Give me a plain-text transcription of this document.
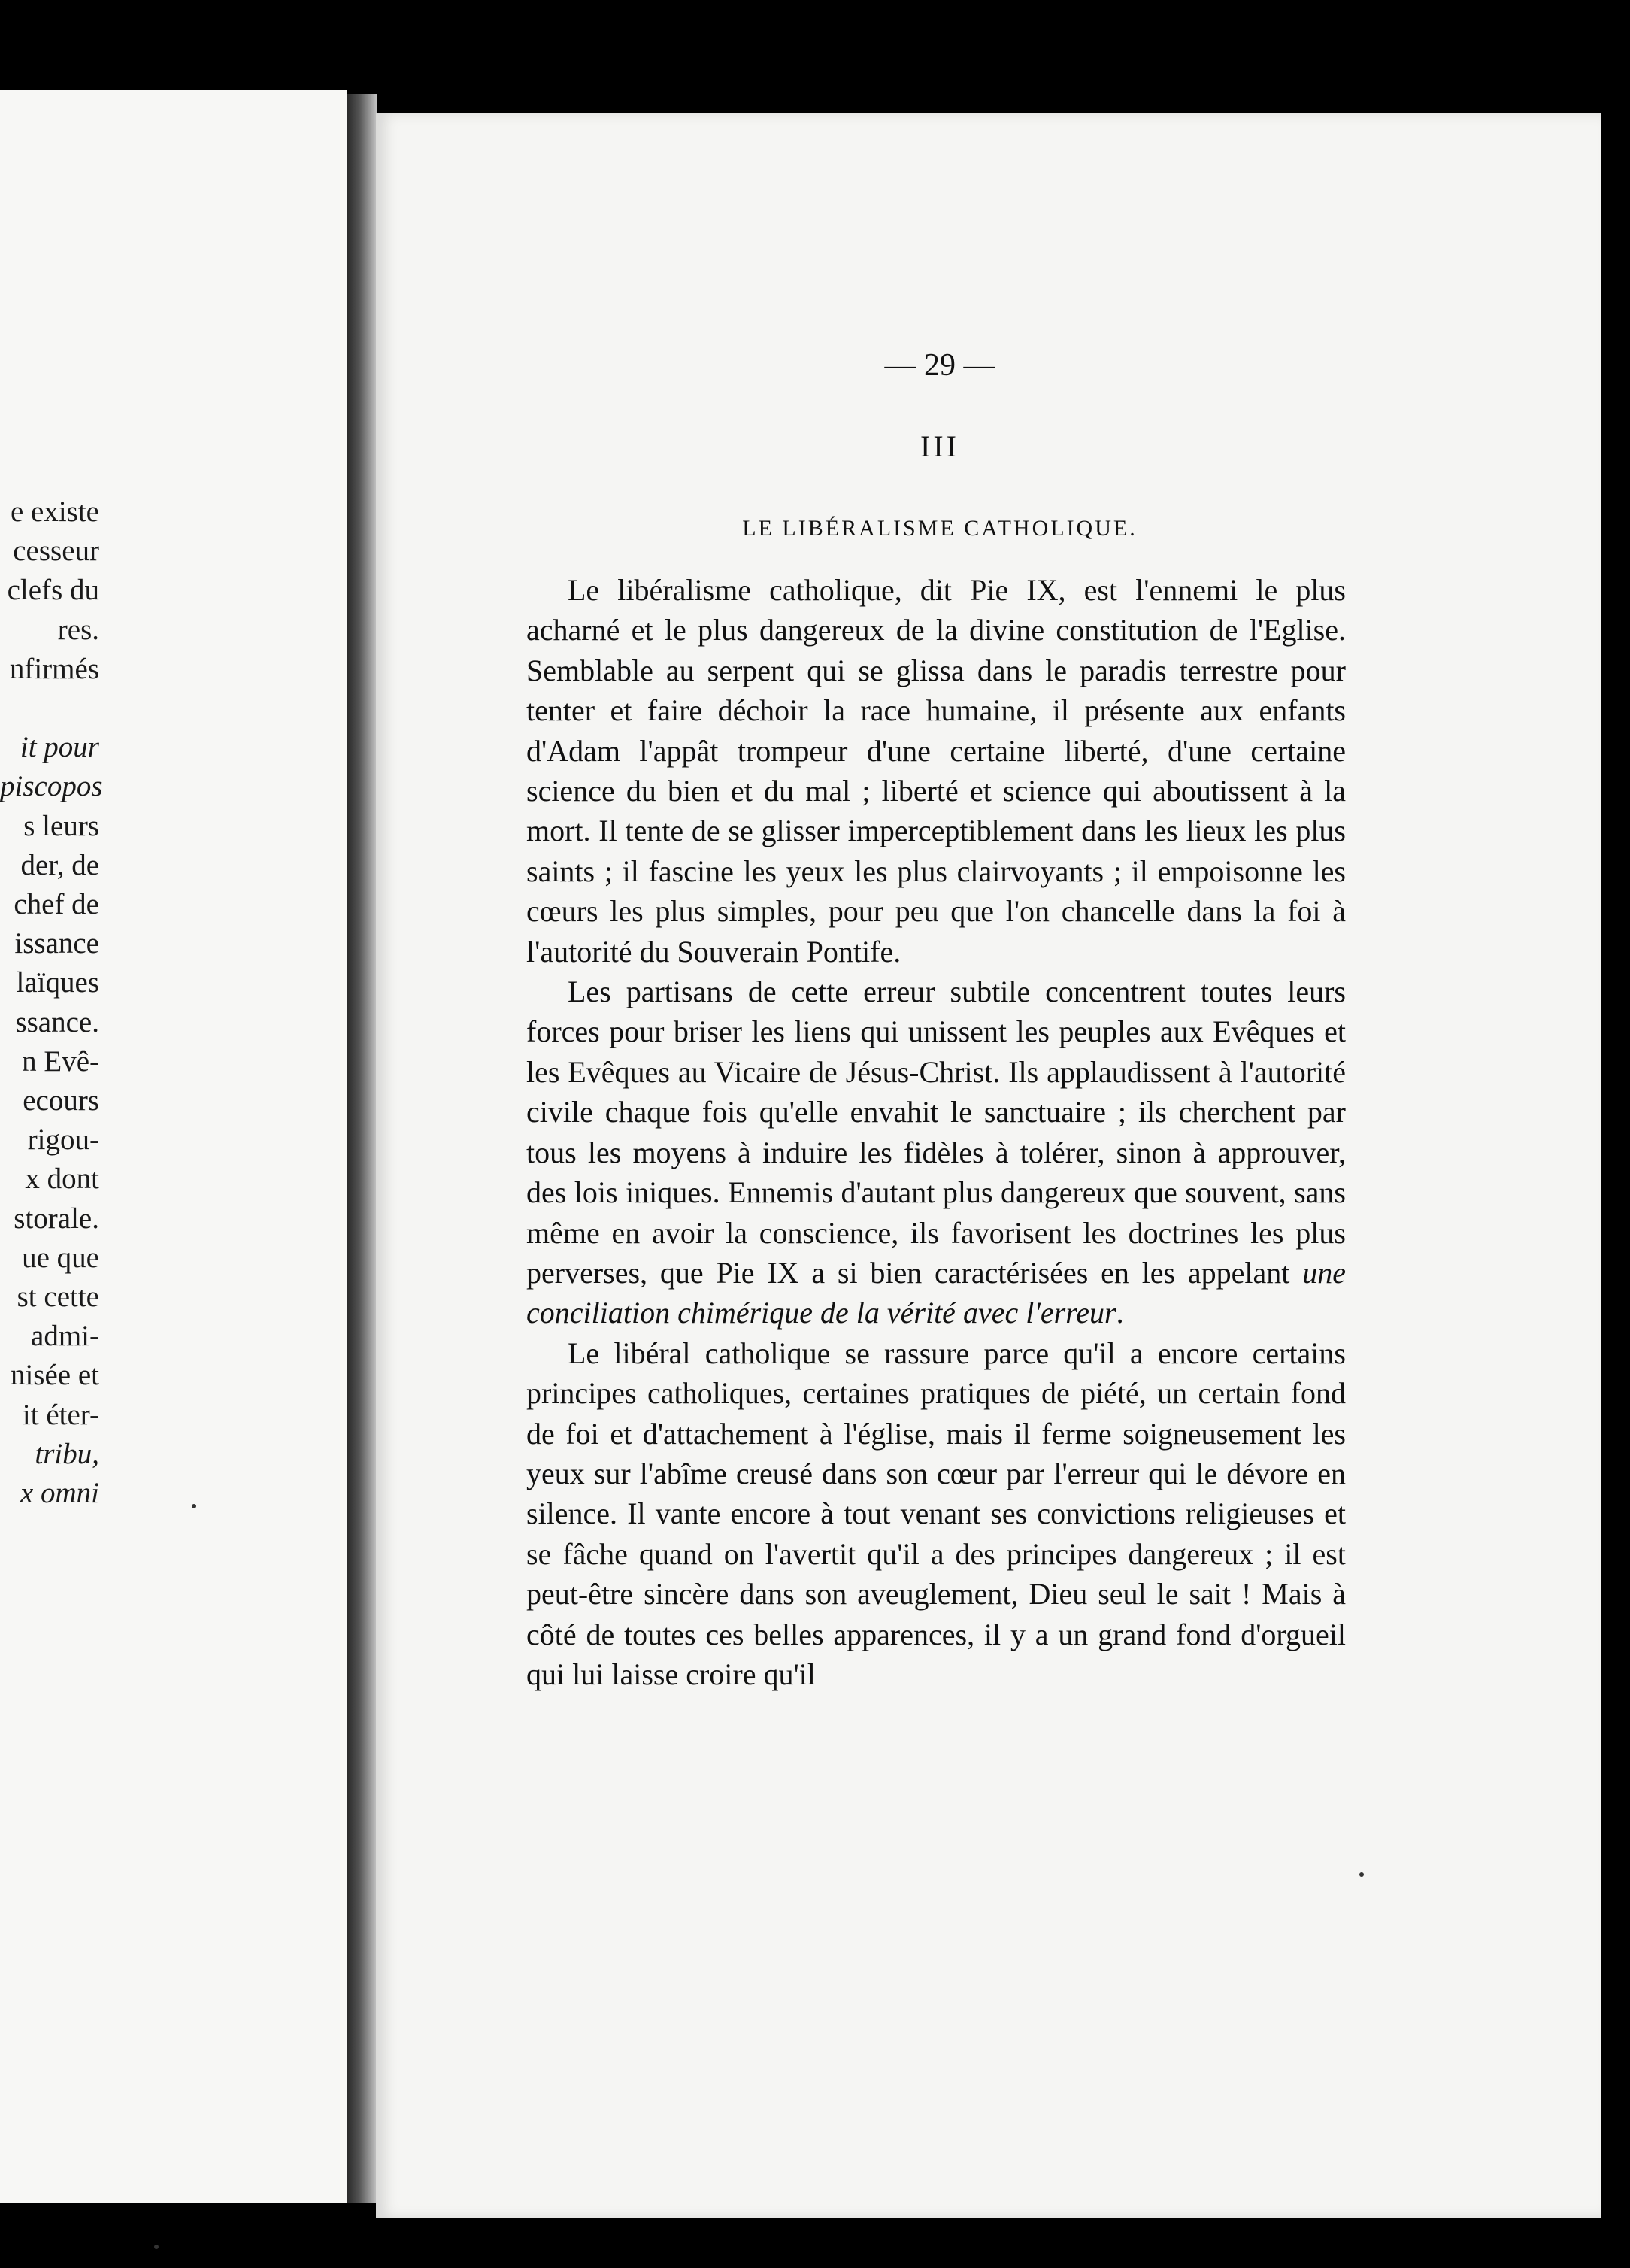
e existe
cesseur
clefs du
res.
nfirmés
it pour
piscopos
s leurs
der, de
chef de
issance
laïques
ssance.
n Evê-
ecours
rigou-
x dont
storale.
ue que
st cette
admi-
nisée et
it éter-
tribu,
x omni
— 29 —
III
LE LIBÉRALISME CATHOLIQUE.

Le libéralisme catholique, dit Pie IX, est l'ennemi le plus acharné et le plus dangereux de la divine constitution de l'Eglise. Semblable au serpent qui se glissa dans le paradis terrestre pour tenter et faire déchoir la race humaine, il présente aux enfants d'Adam l'appât trompeur d'une certaine liberté, d'une certaine science du bien et du mal ; liberté et science qui aboutissent à la mort. Il tente de se glisser imperceptiblement dans les lieux les plus saints ; il fascine les yeux les plus clairvoyants ; il empoisonne les cœurs les plus simples, pour peu que l'on chancelle dans la foi à l'autorité du Souverain Pontife.

Les partisans de cette erreur subtile concentrent toutes leurs forces pour briser les liens qui unissent les peuples aux Evêques et les Evêques au Vicaire de Jésus-Christ. Ils applaudissent à l'autorité civile chaque fois qu'elle envahit le sanctuaire ; ils cherchent par tous les moyens à induire les fidèles à tolérer, sinon à approuver, des lois iniques. Ennemis d'autant plus dangereux que souvent, sans même en avoir la conscience, ils favorisent les doctrines les plus perverses, que Pie IX a si bien caractérisées en les appelant une conciliation chimérique de la vérité avec l'erreur.

Le libéral catholique se rassure parce qu'il a encore certains principes catholiques, certaines pratiques de piété, un certain fond de foi et d'attachement à l'église, mais il ferme soigneusement les yeux sur l'abîme creusé dans son cœur par l'erreur qui le dévore en silence. Il vante encore à tout venant ses convictions religieuses et se fâche quand on l'avertit qu'il a des principes dangereux ; il est peut-être sincère dans son aveuglement, Dieu seul le sait ! Mais à côté de toutes ces belles apparences, il y a un grand fond d'orgueil qui lui laisse croire qu'il
